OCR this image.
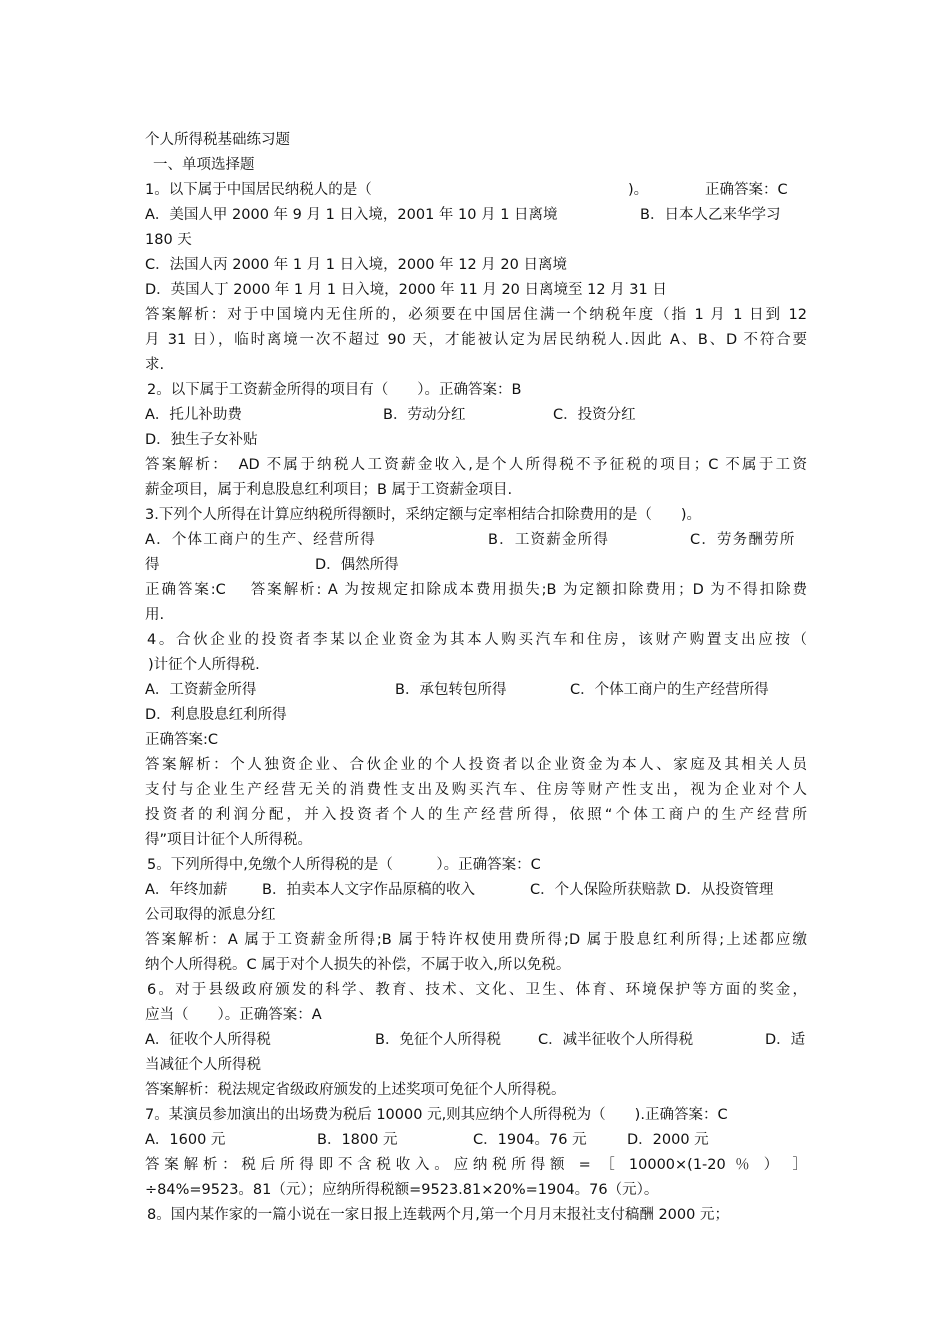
个人所得税基础练习题
一、单项选择题
1。以下属于中国居民纳税人的是（	)。	正确答案：C
A．美国人甲 2000 年 9 月 1 日入境，2001 年 10 月 1 日离境	B．日本人乙来华学习
180 天
C．法国人丙 2000 年 1 月 1 日入境，2000 年 12 月 20 日离境
D．英国人丁 2000 年 1 月 1 日入境，2000 年 11 月 20 日离境至 12 月 31 日
答案解析：对于中国境内无住所的，必须要在中国居住满一个纳税年度（指 1 月 1 日到 12
月 31 日），临时离境一次不超过 90 天，才能被认定为居民纳税人.因此 A、B、D 不符合要
求.
2。以下属于工资薪金所得的项目有（　　）。正确答案：B
A．托儿补助费	B．劳动分红	C．投资分红
D．独生子女补贴
答案解析：　AD 不属于纳税人工资薪金收入,是个人所得税不予征税的项目；C 不属于工资
薪金项目，属于利息股息红利项目；B 属于工资薪金项目.
3.下列个人所得在计算应纳税所得额时，采纳定额与定率相结合扣除费用的是（　　)。
A．个体工商户的生产、经营所得	B．工资薪金所得	C．劳务酬劳所
得	D．偶然所得
正确答案:C　 答案解析: A 为按规定扣除成本费用损失;B 为定额扣除费用；D 为不得扣除费
用.
4。合伙企业的投资者李某以企业资金为其本人购买汽车和住房，该财产购置支出应按（
)计征个人所得税.
A．工资薪金所得	B．承包转包所得	C．个体工商户的生产经营所得
D．利息股息红利所得
正确答案:C
答案解析：个人独资企业、合伙企业的个人投资者以企业资金为本人、家庭及其相关人员
支付与企业生产经营无关的消费性支出及购买汽车、住房等财产性支出，视为企业对个人
投资者的利润分配，并入投资者个人的生产经营所得，依照“个体工商户的生产经营所
得”项目计征个人所得税。
5。下列所得中,免缴个人所得税的是（　　　）。正确答案：C
A．年终加薪 B．拍卖本人文字作品原稿的收入	C．个人保险所获赔款 D．从投资管理
公司取得的派息分红
答案解析：A 属于工资薪金所得;B 属于特许权使用费所得;D 属于股息红利所得;上述都应缴
纳个人所得税。C 属于对个人损失的补偿，不属于收入,所以免税。
6。对于县级政府颁发的科学、教育、技术、文化、卫生、体育、环境保护等方面的奖金，
应当（　　）。正确答案：A
A．征收个人所得税	B．免征个人所得税	C．减半征收个人所得税	D．适
当减征个人所得税
答案解析：税法规定省级政府颁发的上述奖项可免征个人所得税。
7。某演员参加演出的出场费为税后 10000 元,则其应纳个人所得税为（　　).正确答案：C
A．1600 元	B．1800 元	C．1904。76 元	D．2000 元
答案解析：税后所得即不含税收入。应纳税所得额 = ［ 10000×(1-20 ％ ） ］
÷84%=9523。81（元）；应纳所得税额=9523.81×20%=1904。76（元）。
8。国内某作家的一篇小说在一家日报上连载两个月,第一个月月末报社支付稿酬 2000 元；
